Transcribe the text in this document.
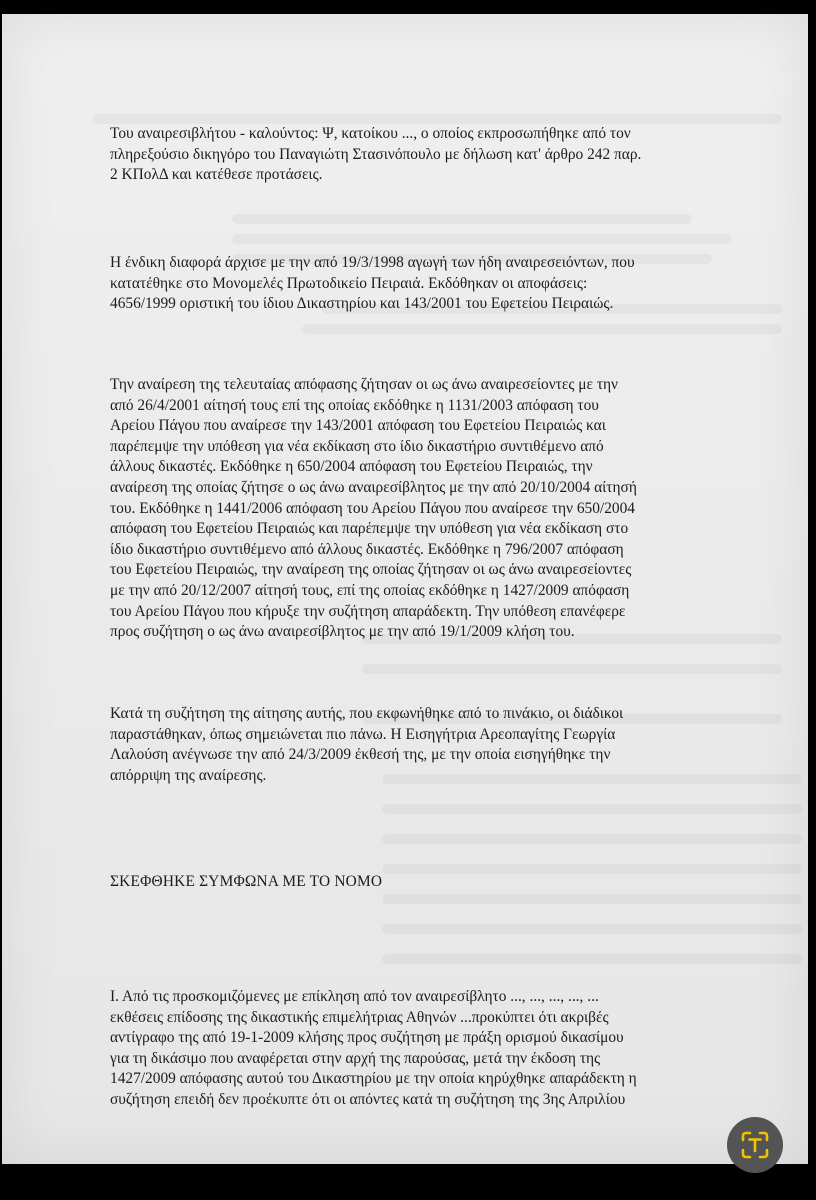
Του αναιρεσιβλήτου - καλούντος: Ψ, κατοίκου ..., ο οποίος εκπροσωπήθηκε από τον
πληρεξούσιο δικηγόρο του Παναγιώτη Στασινόπουλο με δήλωση κατ' άρθρο 242 παρ.
2 ΚΠολΔ και κατέθεσε προτάσεις.
Η ένδικη διαφορά άρχισε με την από 19/3/1998 αγωγή των ήδη αναιρεσειόντων, που
κατατέθηκε στο Μονομελές Πρωτοδικείο Πειραιά. Εκδόθηκαν οι αποφάσεις:
4656/1999 οριστική του ίδιου Δικαστηρίου και 143/2001 του Εφετείου Πειραιώς.
Την αναίρεση της τελευταίας απόφασης ζήτησαν οι ως άνω αναιρεσείοντες με την
από 26/4/2001 αίτησή τους επί της οποίας εκδόθηκε η 1131/2003 απόφαση του
Αρείου Πάγου που αναίρεσε την 143/2001 απόφαση του Εφετείου Πειραιώς και
παρέπεμψε την υπόθεση για νέα εκδίκαση στο ίδιο δικαστήριο συντιθέμενο από
άλλους δικαστές. Εκδόθηκε η 650/2004 απόφαση του Εφετείου Πειραιώς, την
αναίρεση της οποίας ζήτησε ο ως άνω αναιρεσίβλητος με την από 20/10/2004 αίτησή
του. Εκδόθηκε η 1441/2006 απόφαση του Αρείου Πάγου που αναίρεσε την 650/2004
απόφαση του Εφετείου Πειραιώς και παρέπεμψε την υπόθεση για νέα εκδίκαση στο
ίδιο δικαστήριο συντιθέμενο από άλλους δικαστές. Εκδόθηκε η 796/2007 απόφαση
του Εφετείου Πειραιώς, την αναίρεση της οποίας ζήτησαν οι ως άνω αναιρεσείοντες
με την από 20/12/2007 αίτησή τους, επί της οποίας εκδόθηκε η 1427/2009 απόφαση
του Αρείου Πάγου που κήρυξε την συζήτηση απαράδεκτη. Την υπόθεση επανέφερε
προς συζήτηση ο ως άνω αναιρεσίβλητος με την από 19/1/2009 κλήση του.
Κατά τη συζήτηση της αίτησης αυτής, που εκφωνήθηκε από το πινάκιο, οι διάδικοι
παραστάθηκαν, όπως σημειώνεται πιο πάνω. Η Εισηγήτρια Αρεοπαγίτης Γεωργία
Λαλούση ανέγνωσε την από 24/3/2009 έκθεσή της, με την οποία εισηγήθηκε την
απόρριψη της αναίρεσης.
ΣΚΕΦΘΗΚΕ ΣΥΜΦΩΝΑ ΜΕ ΤΟ ΝΟΜΟ
Ι. Από τις προσκομιζόμενες με επίκληση από τον αναιρεσίβλητο ..., ..., ..., ..., ...
εκθέσεις επίδοσης της δικαστικής επιμελήτριας Αθηνών ...προκύπτει ότι ακριβές
αντίγραφο της από 19-1-2009 κλήσης προς συζήτηση με πράξη ορισμού δικασίμου
για τη δικάσιμο που αναφέρεται στην αρχή της παρούσας, μετά την έκδοση της
1427/2009 απόφασης αυτού του Δικαστηρίου με την οποία κηρύχθηκε απαράδεκτη η
συζήτηση επειδή δεν προέκυπτε ότι οι απόντες κατά τη συζήτηση της 3ης Απριλίου
